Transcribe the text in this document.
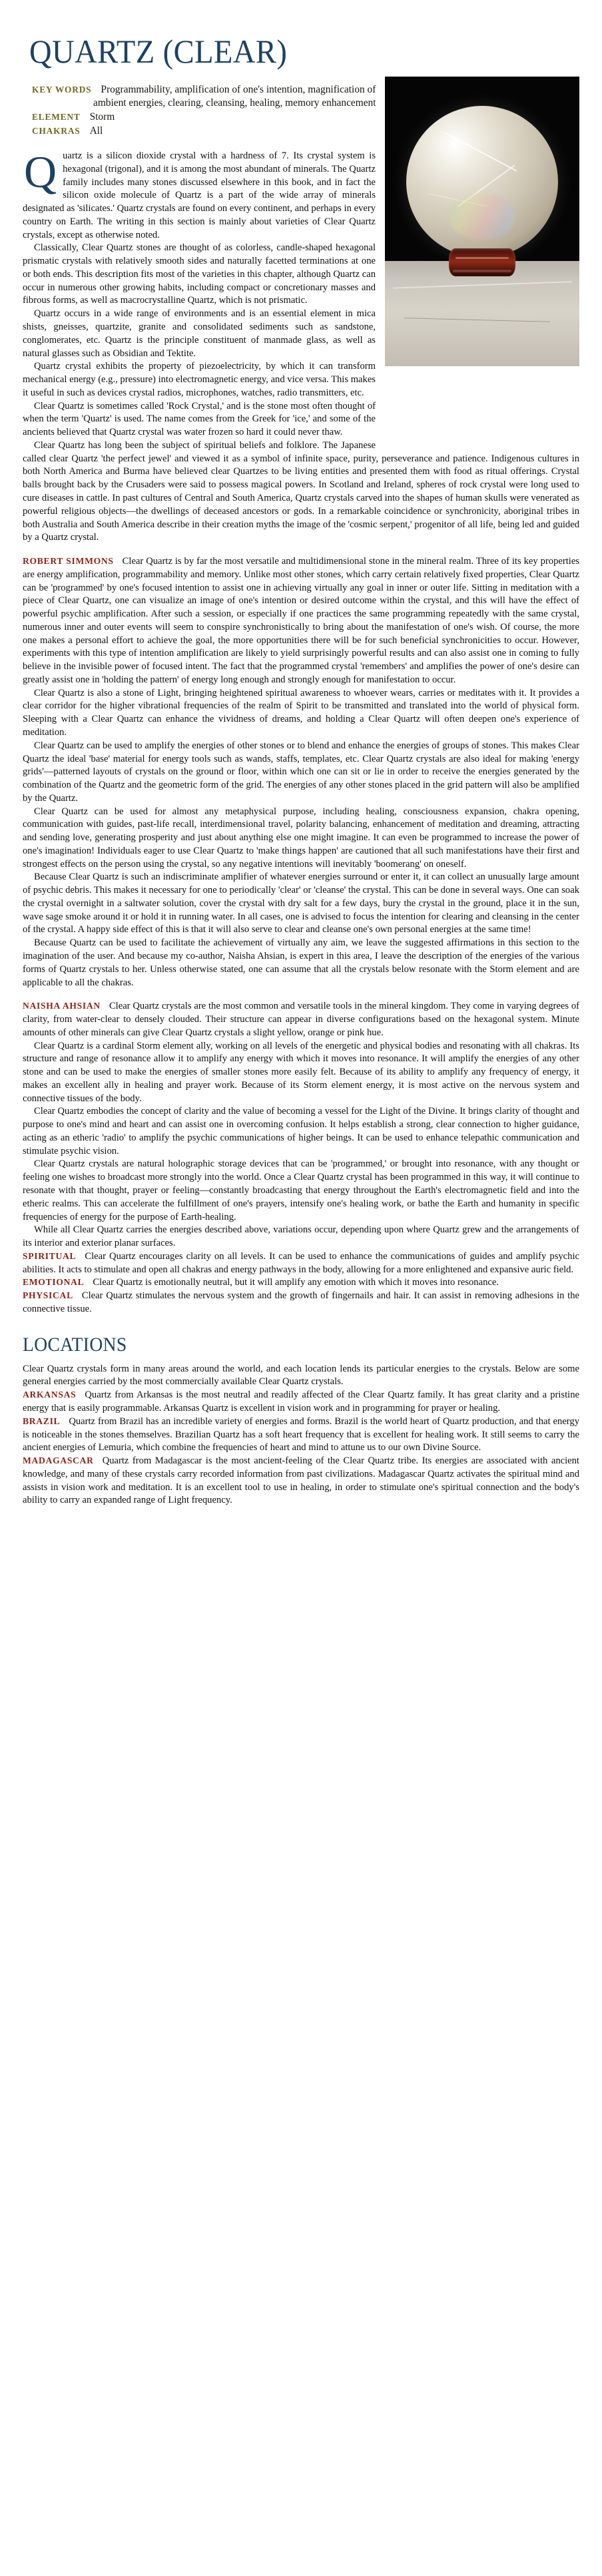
QUARTZ (CLEAR)
KEY WORDS Programmability, amplification of one's intention, magnification of ambient energies, clearing, cleansing, healing, memory enhancement
ELEMENT Storm
CHAKRAS All

Quartz is a silicon dioxide crystal with a hardness of 7. Its crystal system is hexagonal (trigonal), and it is among the most abundant of minerals. The Quartz family includes many stones discussed elsewhere in this book, and in fact the silicon oxide molecule of Quartz is a part of the wide array of minerals designated as 'silicates.' Quartz crystals are found on every continent, and perhaps in every country on Earth. The writing in this section is mainly about varieties of Clear Quartz crystals, except as otherwise noted.

Classically, Clear Quartz stones are thought of as colorless, candle-shaped hexagonal prismatic crystals with relatively smooth sides and naturally facetted terminations at one or both ends. This description fits most of the varieties in this chapter, although Quartz can occur in numerous other growing habits, including compact or concretionary masses and fibrous forms, as well as macrocrystalline Quartz, which is not prismatic.

Quartz occurs in a wide range of environments and is an essential element in mica shists, gneisses, quartzite, granite and consolidated sediments such as sandstone, conglomerates, etc. Quartz is the principle constituent of manmade glass, as well as natural glasses such as Obsidian and Tektite.

Quartz crystal exhibits the property of piezoelectricity, by which it can transform mechanical energy (e.g., pressure) into electromagnetic energy, and vice versa. This makes it useful in such as devices crystal radios, microphones, watches, radio transmitters, etc.

Clear Quartz is sometimes called 'Rock Crystal,' and is the stone most often thought of when the term 'Quartz' is used. The name comes from the Greek for 'ice,' and some of the ancients believed that Quartz crystal was water frozen so hard it could never thaw.

Clear Quartz has long been the subject of spiritual beliefs and folklore. The Japanese called clear Quartz 'the perfect jewel' and viewed it as a symbol of infinite space, purity, perseverance and patience. Indigenous cultures in both North America and Burma have believed clear Quartzes to be living entities and presented them with food as ritual offerings. Crystal balls brought back by the Crusaders were said to possess magical powers. In Scotland and Ireland, spheres of rock crystal were long used to cure diseases in cattle. In past cultures of Central and South America, Quartz crystals carved into the shapes of human skulls were venerated as powerful religious objects—the dwellings of deceased ancestors or gods. In a remarkable coincidence or synchronicity, aboriginal tribes in both Australia and South America describe in their creation myths the image of the 'cosmic serpent,' progenitor of all life, being led and guided by a Quartz crystal.

ROBERT SIMMONS Clear Quartz is by far the most versatile and multidimensional stone in the mineral realm. Three of its key properties are energy amplification, programmability and memory. Unlike most other stones, which carry certain relatively fixed properties, Clear Quartz can be 'programmed' by one's focused intention to assist one in achieving virtually any goal in inner or outer life. Sitting in meditation with a piece of Clear Quartz, one can visualize an image of one's intention or desired outcome within the crystal, and this will have the effect of powerful psychic amplification. After such a session, or especially if one practices the same programming repeatedly with the same crystal, numerous inner and outer events will seem to conspire synchronistically to bring about the manifestation of one's wish. Of course, the more one makes a personal effort to achieve the goal, the more opportunities there will be for such beneficial synchronicities to occur. However, experiments with this type of intention amplification are likely to yield surprisingly powerful results and can also assist one in coming to fully believe in the invisible power of focused intent. The fact that the programmed crystal 'remembers' and amplifies the power of one's desire can greatly assist one in 'holding the pattern' of energy long enough and strongly enough for manifestation to occur.

Clear Quartz is also a stone of Light, bringing heightened spiritual awareness to whoever wears, carries or meditates with it. It provides a clear corridor for the higher vibrational frequencies of the realm of Spirit to be transmitted and translated into the world of physical form. Sleeping with a Clear Quartz can enhance the vividness of dreams, and holding a Clear Quartz will often deepen one's experience of meditation.

Clear Quartz can be used to amplify the energies of other stones or to blend and enhance the energies of groups of stones. This makes Clear Quartz the ideal 'base' material for energy tools such as wands, staffs, templates, etc. Clear Quartz crystals are also ideal for making 'energy grids'—patterned layouts of crystals on the ground or floor, within which one can sit or lie in order to receive the energies generated by the combination of the Quartz and the geometric form of the grid. The energies of any other stones placed in the grid pattern will also be amplified by the Quartz.

Clear Quartz can be used for almost any metaphysical purpose, including healing, consciousness expansion, chakra opening, communication with guides, past-life recall, interdimensional travel, polarity balancing, enhancement of meditation and dreaming, attracting and sending love, generating prosperity and just about anything else one might imagine. It can even be programmed to increase the power of one's imagination! Individuals eager to use Clear Quartz to 'make things happen' are cautioned that all such manifestations have their first and strongest effects on the person using the crystal, so any negative intentions will inevitably 'boomerang' on oneself.

Because Clear Quartz is such an indiscriminate amplifier of whatever energies surround or enter it, it can collect an unusually large amount of psychic debris. This makes it necessary for one to periodically 'clear' or 'cleanse' the crystal. This can be done in several ways. One can soak the crystal overnight in a saltwater solution, cover the crystal with dry salt for a few days, bury the crystal in the ground, place it in the sun, wave sage smoke around it or hold it in running water. In all cases, one is advised to focus the intention for clearing and cleansing in the center of the crystal. A happy side effect of this is that it will also serve to clear and cleanse one's own personal energies at the same time!

Because Quartz can be used to facilitate the achievement of virtually any aim, we leave the suggested affirmations in this section to the imagination of the user. And because my co-author, Naisha Ahsian, is expert in this area, I leave the description of the energies of the various forms of Quartz crystals to her. Unless otherwise stated, one can assume that all the crystals below resonate with the Storm element and are applicable to all the chakras.

NAISHA AHSIAN Clear Quartz crystals are the most common and versatile tools in the mineral kingdom. They come in varying degrees of clarity, from water-clear to densely clouded. Their structure can appear in diverse configurations based on the hexagonal system. Minute amounts of other minerals can give Clear Quartz crystals a slight yellow, orange or pink hue.

Clear Quartz is a cardinal Storm element ally, working on all levels of the energetic and physical bodies and resonating with all chakras. Its structure and range of resonance allow it to amplify any energy with which it moves into resonance. It will amplify the energies of any other stone and can be used to make the energies of smaller stones more easily felt. Because of its ability to amplify any frequency of energy, it makes an excellent ally in healing and prayer work. Because of its Storm element energy, it is most active on the nervous system and connective tissues of the body.

Clear Quartz embodies the concept of clarity and the value of becoming a vessel for the Light of the Divine. It brings clarity of thought and purpose to one's mind and heart and can assist one in overcoming confusion. It helps establish a strong, clear connection to higher guidance, acting as an etheric 'radio' to amplify the psychic communications of higher beings. It can be used to enhance telepathic communication and stimulate psychic vision.

Clear Quartz crystals are natural holographic storage devices that can be 'programmed,' or brought into resonance, with any thought or feeling one wishes to broadcast more strongly into the world. Once a Clear Quartz crystal has been programmed in this way, it will continue to resonate with that thought, prayer or feeling—constantly broadcasting that energy throughout the Earth's electromagnetic field and into the etheric realms. This can accelerate the fulfillment of one's prayers, intensify one's healing work, or bathe the Earth and humanity in specific frequencies of energy for the purpose of Earth-healing.

While all Clear Quartz carries the energies described above, variations occur, depending upon where Quartz grew and the arrangements of its interior and exterior planar surfaces.

SPIRITUAL Clear Quartz encourages clarity on all levels. It can be used to enhance the communications of guides and amplify psychic abilities. It acts to stimulate and open all chakras and energy pathways in the body, allowing for a more enlightened and expansive auric field.

EMOTIONAL Clear Quartz is emotionally neutral, but it will amplify any emotion with which it moves into resonance.

PHYSICAL Clear Quartz stimulates the nervous system and the growth of fingernails and hair. It can assist in removing adhesions in the connective tissue.

LOCATIONS

Clear Quartz crystals form in many areas around the world, and each location lends its particular energies to the crystals. Below are some general energies carried by the most commercially available Clear Quartz crystals.

ARKANSAS Quartz from Arkansas is the most neutral and readily affected of the Clear Quartz family. It has great clarity and a pristine energy that is easily programmable. Arkansas Quartz is excellent in vision work and in programming for prayer or healing.

BRAZIL Quartz from Brazil has an incredible variety of energies and forms. Brazil is the world heart of Quartz production, and that energy is noticeable in the stones themselves. Brazilian Quartz has a soft heart frequency that is excellent for healing work. It still seems to carry the ancient energies of Lemuria, which combine the frequencies of heart and mind to attune us to our own Divine Source.

MADAGASCAR Quartz from Madagascar is the most ancient-feeling of the Clear Quartz tribe. Its energies are associated with ancient knowledge, and many of these crystals carry recorded information from past civilizations. Madagascar Quartz activates the spiritual mind and assists in vision work and meditation. It is an excellent tool to use in healing, in order to stimulate one's spiritual connection and the body's ability to carry an expanded range of Light frequency.
